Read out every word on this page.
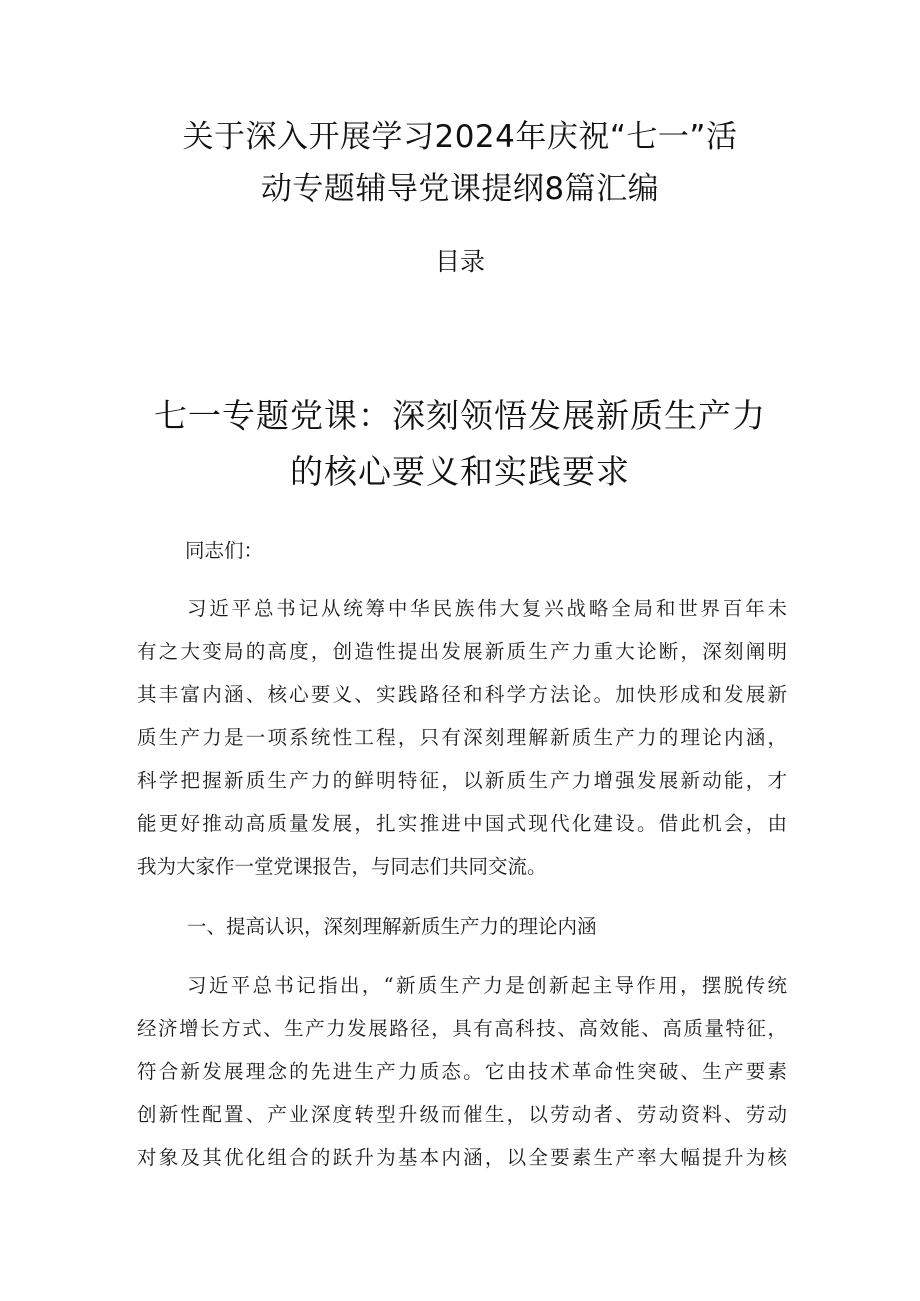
关于深入开展学习2024年庆祝“七一”活
动专题辅导党课提纲8篇汇编
目录
七一专题党课：深刻领悟发展新质生产力
的核心要义和实践要求
同志们：
习近平总书记从统筹中华民族伟大复兴战略全局和世界百年未
有之大变局的高度，创造性提出发展新质生产力重大论断，深刻阐明
其丰富内涵、核心要义、实践路径和科学方法论。加快形成和发展新
质生产力是一项系统性工程，只有深刻理解新质生产力的理论内涵，
科学把握新质生产力的鲜明特征，以新质生产力增强发展新动能，才
能更好推动高质量发展，扎实推进中国式现代化建设。借此机会，由
我为大家作一堂党课报告，与同志们共同交流。
一、提高认识，深刻理解新质生产力的理论内涵
习近平总书记指出，“新质生产力是创新起主导作用，摆脱传统
经济增长方式、生产力发展路径，具有高科技、高效能、高质量特征，
符合新发展理念的先进生产力质态。它由技术革命性突破、生产要素
创新性配置、产业深度转型升级而催生，以劳动者、劳动资料、劳动
对象及其优化组合的跃升为基本内涵，以全要素生产率大幅提升为核
